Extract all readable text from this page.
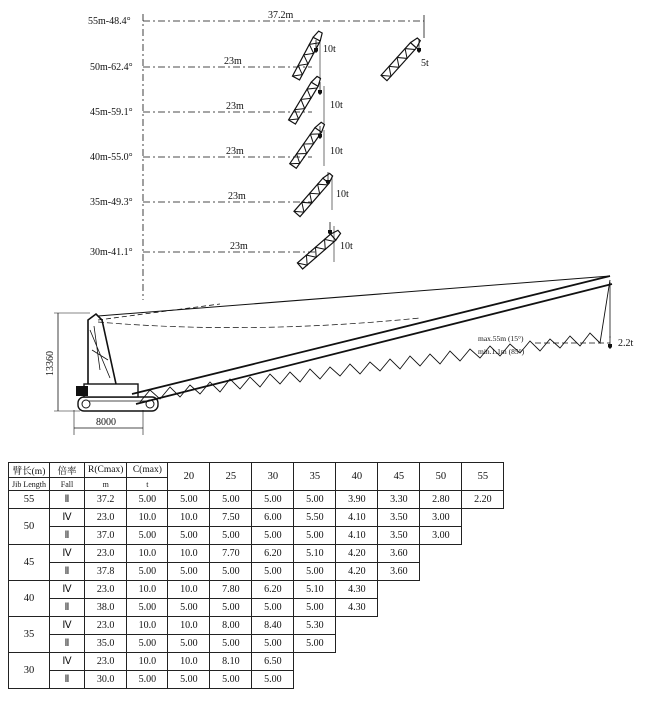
55m-48.4°
37.2m
5t
50m-62.4°
23m
10t
45m-59.1°
23m	10t
40m-55.0°
23m	10t
35m-49.3°
23m	10t
30m-41.1°
23m	10t
max.55m (15°)
min.1.1m (85°)
2.2t
13360
8000
臂长(m)	倍率	R(Cmax)	C(max)	20	25	30	35	40	45	50	55
Jib Length	Fall	m	t								
55	Ⅱ	37.2	5.00	5.00	5.00	5.00	5.00	3.90	3.30	2.80	2.20
50	Ⅳ	23.0	10.0	10.0	7.50	6.00	5.50	4.10	3.50	3.00	
	Ⅱ	37.0	5.00	5.00	5.00	5.00	5.00	4.10	3.50	3.00	
45	Ⅳ	23.0	10.0	10.0	7.70	6.20	5.10	4.20	3.60		
	Ⅱ	37.8	5.00	5.00	5.00	5.00	5.00	4.20	3.60		
40	Ⅳ	23.0	10.0	10.0	7.80	6.20	5.10	4.30			
	Ⅱ	38.0	5.00	5.00	5.00	5.00	5.00	4.30			
35	Ⅳ	23.0	10.0	10.0	8.00	8.40	5.30				
	Ⅱ	35.0	5.00	5.00	5.00	5.00	5.00				
30	Ⅳ	23.0	10.0	10.0	8.10	6.50					
	Ⅱ	30.0	5.00	5.00	5.00	5.00					
